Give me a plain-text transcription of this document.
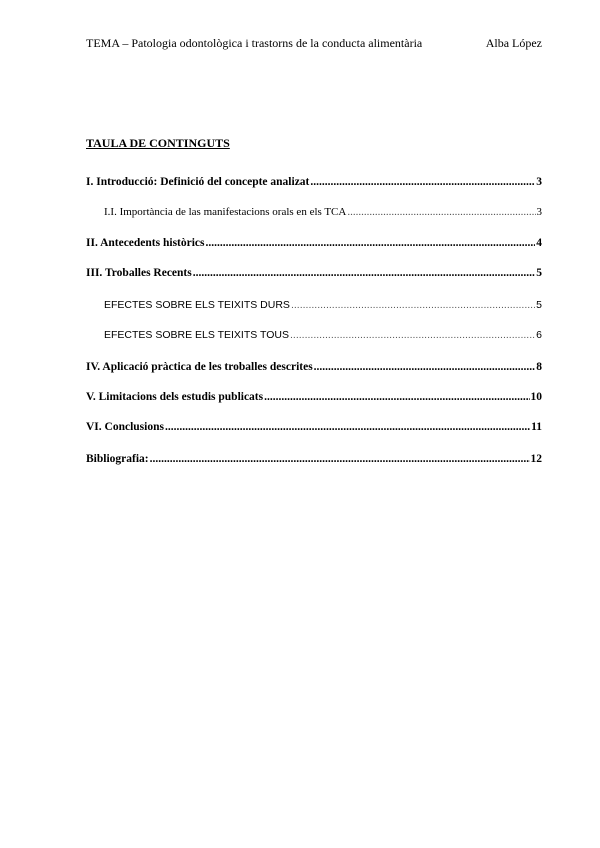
TEMA – Patologia odontològica i trastorns de la conducta alimentària	Alba López
TAULA DE CONTINGUTS
I. Introducció: Definició del concepte analizat .....	3
I.I. Importància de las manifestacions orals en els TCA .....	3
II. Antecedents històrics .....	4
III. Troballes Recents .....	5
EFECTES SOBRE ELS TEIXITS DURS .....	5
EFECTES SOBRE ELS TEIXITS TOUS .....	6
IV. Aplicació pràctica de les troballes descrites .....	8
V. Limitacions dels estudis publicats .....	10
VI. Conclusions .....	11
Bibliografia: .....	12
